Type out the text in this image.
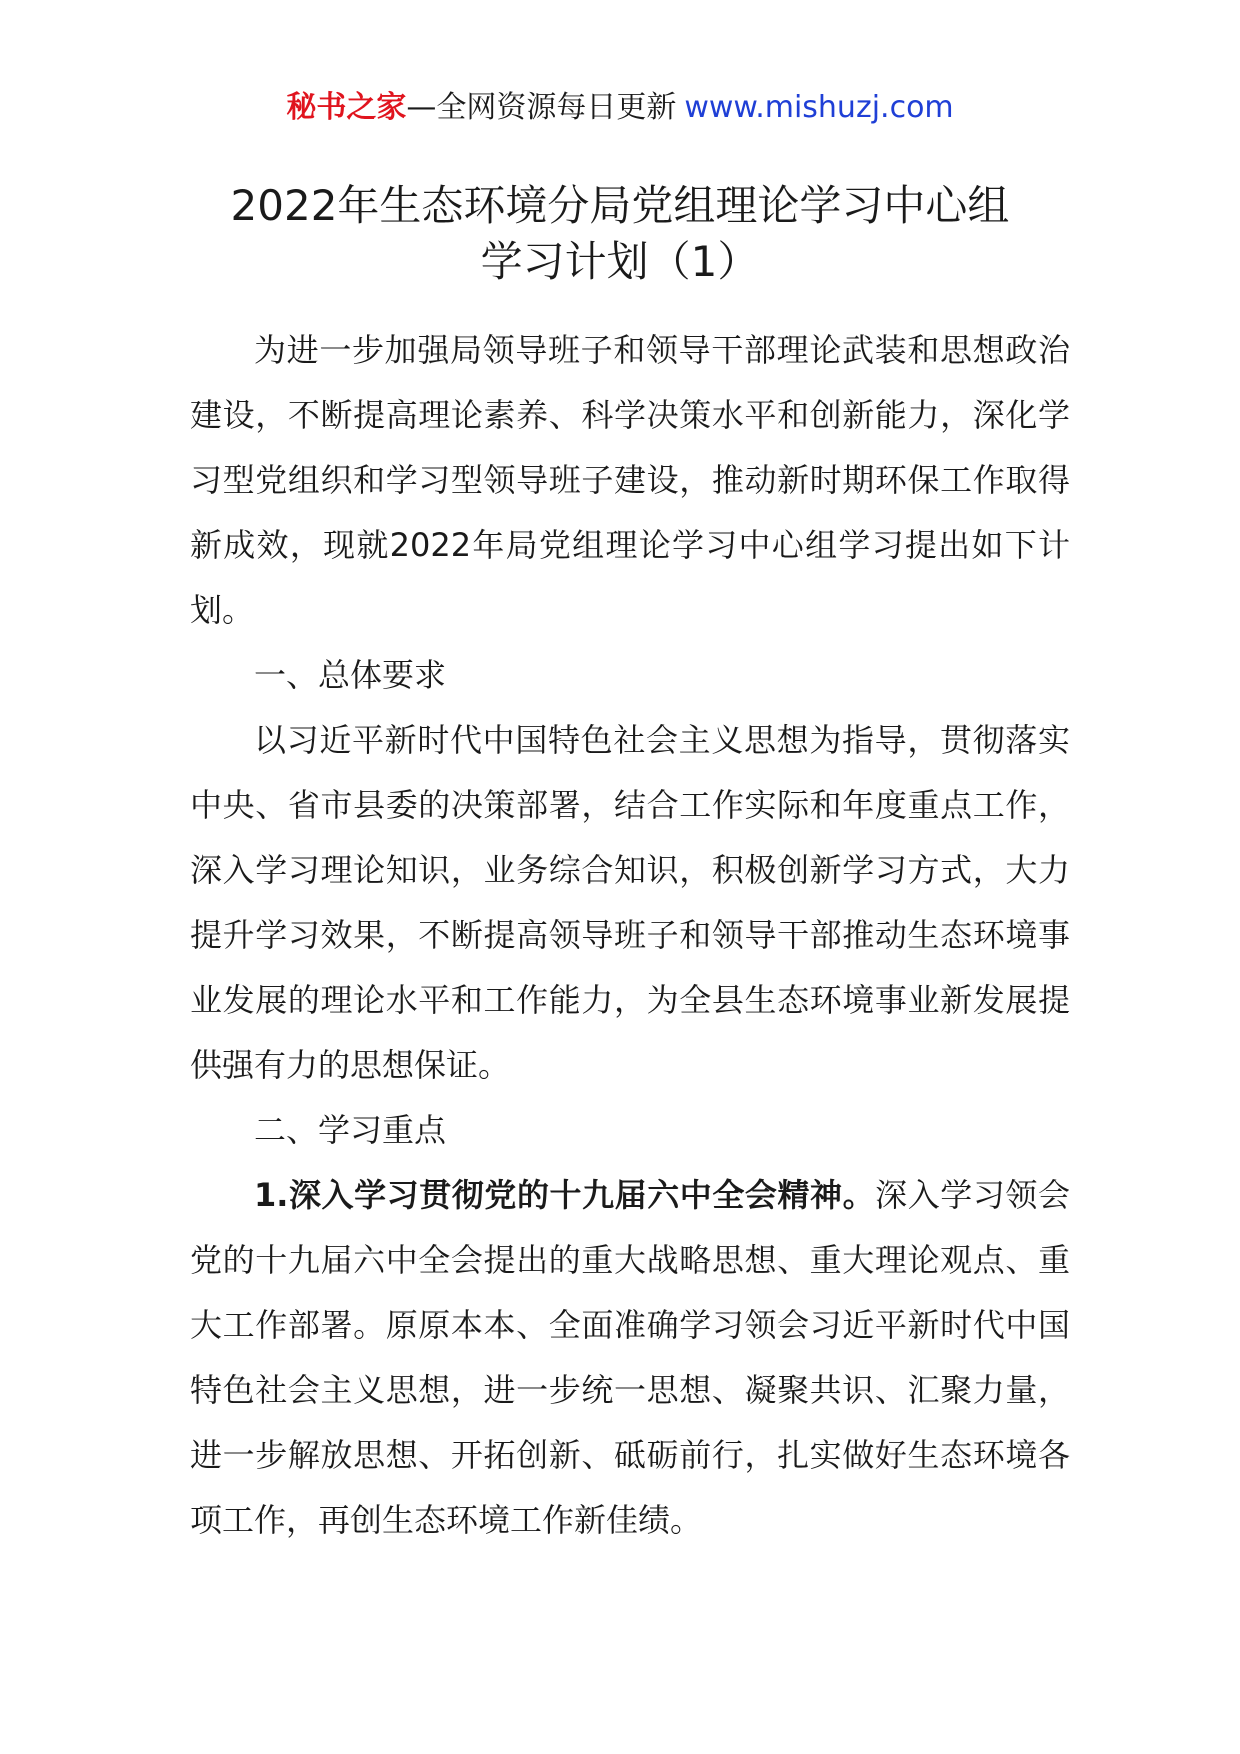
秘书之家—全网资源每日更新 www.mishuzj.com
2022年生态环境分局党组理论学习中心组
学习计划（1）

为进一步加强局领导班子和领导干部理论武装和思想政治建设，不断提高理论素养、科学决策水平和创新能力，深化学习型党组织和学习型领导班子建设，推动新时期环保工作取得新成效，现就2022年局党组理论学习中心组学习提出如下计划。

一、总体要求

以习近平新时代中国特色社会主义思想为指导，贯彻落实中央、省市县委的决策部署，结合工作实际和年度重点工作，深入学习理论知识，业务综合知识，积极创新学习方式，大力提升学习效果，不断提高领导班子和领导干部推动生态环境事业发展的理论水平和工作能力，为全县生态环境事业新发展提供强有力的思想保证。

二、学习重点

1.深入学习贯彻党的十九届六中全会精神。深入学习领会党的十九届六中全会提出的重大战略思想、重大理论观点、重大工作部署。原原本本、全面准确学习领会习近平新时代中国特色社会主义思想，进一步统一思想、凝聚共识、汇聚力量，进一步解放思想、开拓创新、砥砺前行，扎实做好生态环境各项工作，再创生态环境工作新佳绩。
